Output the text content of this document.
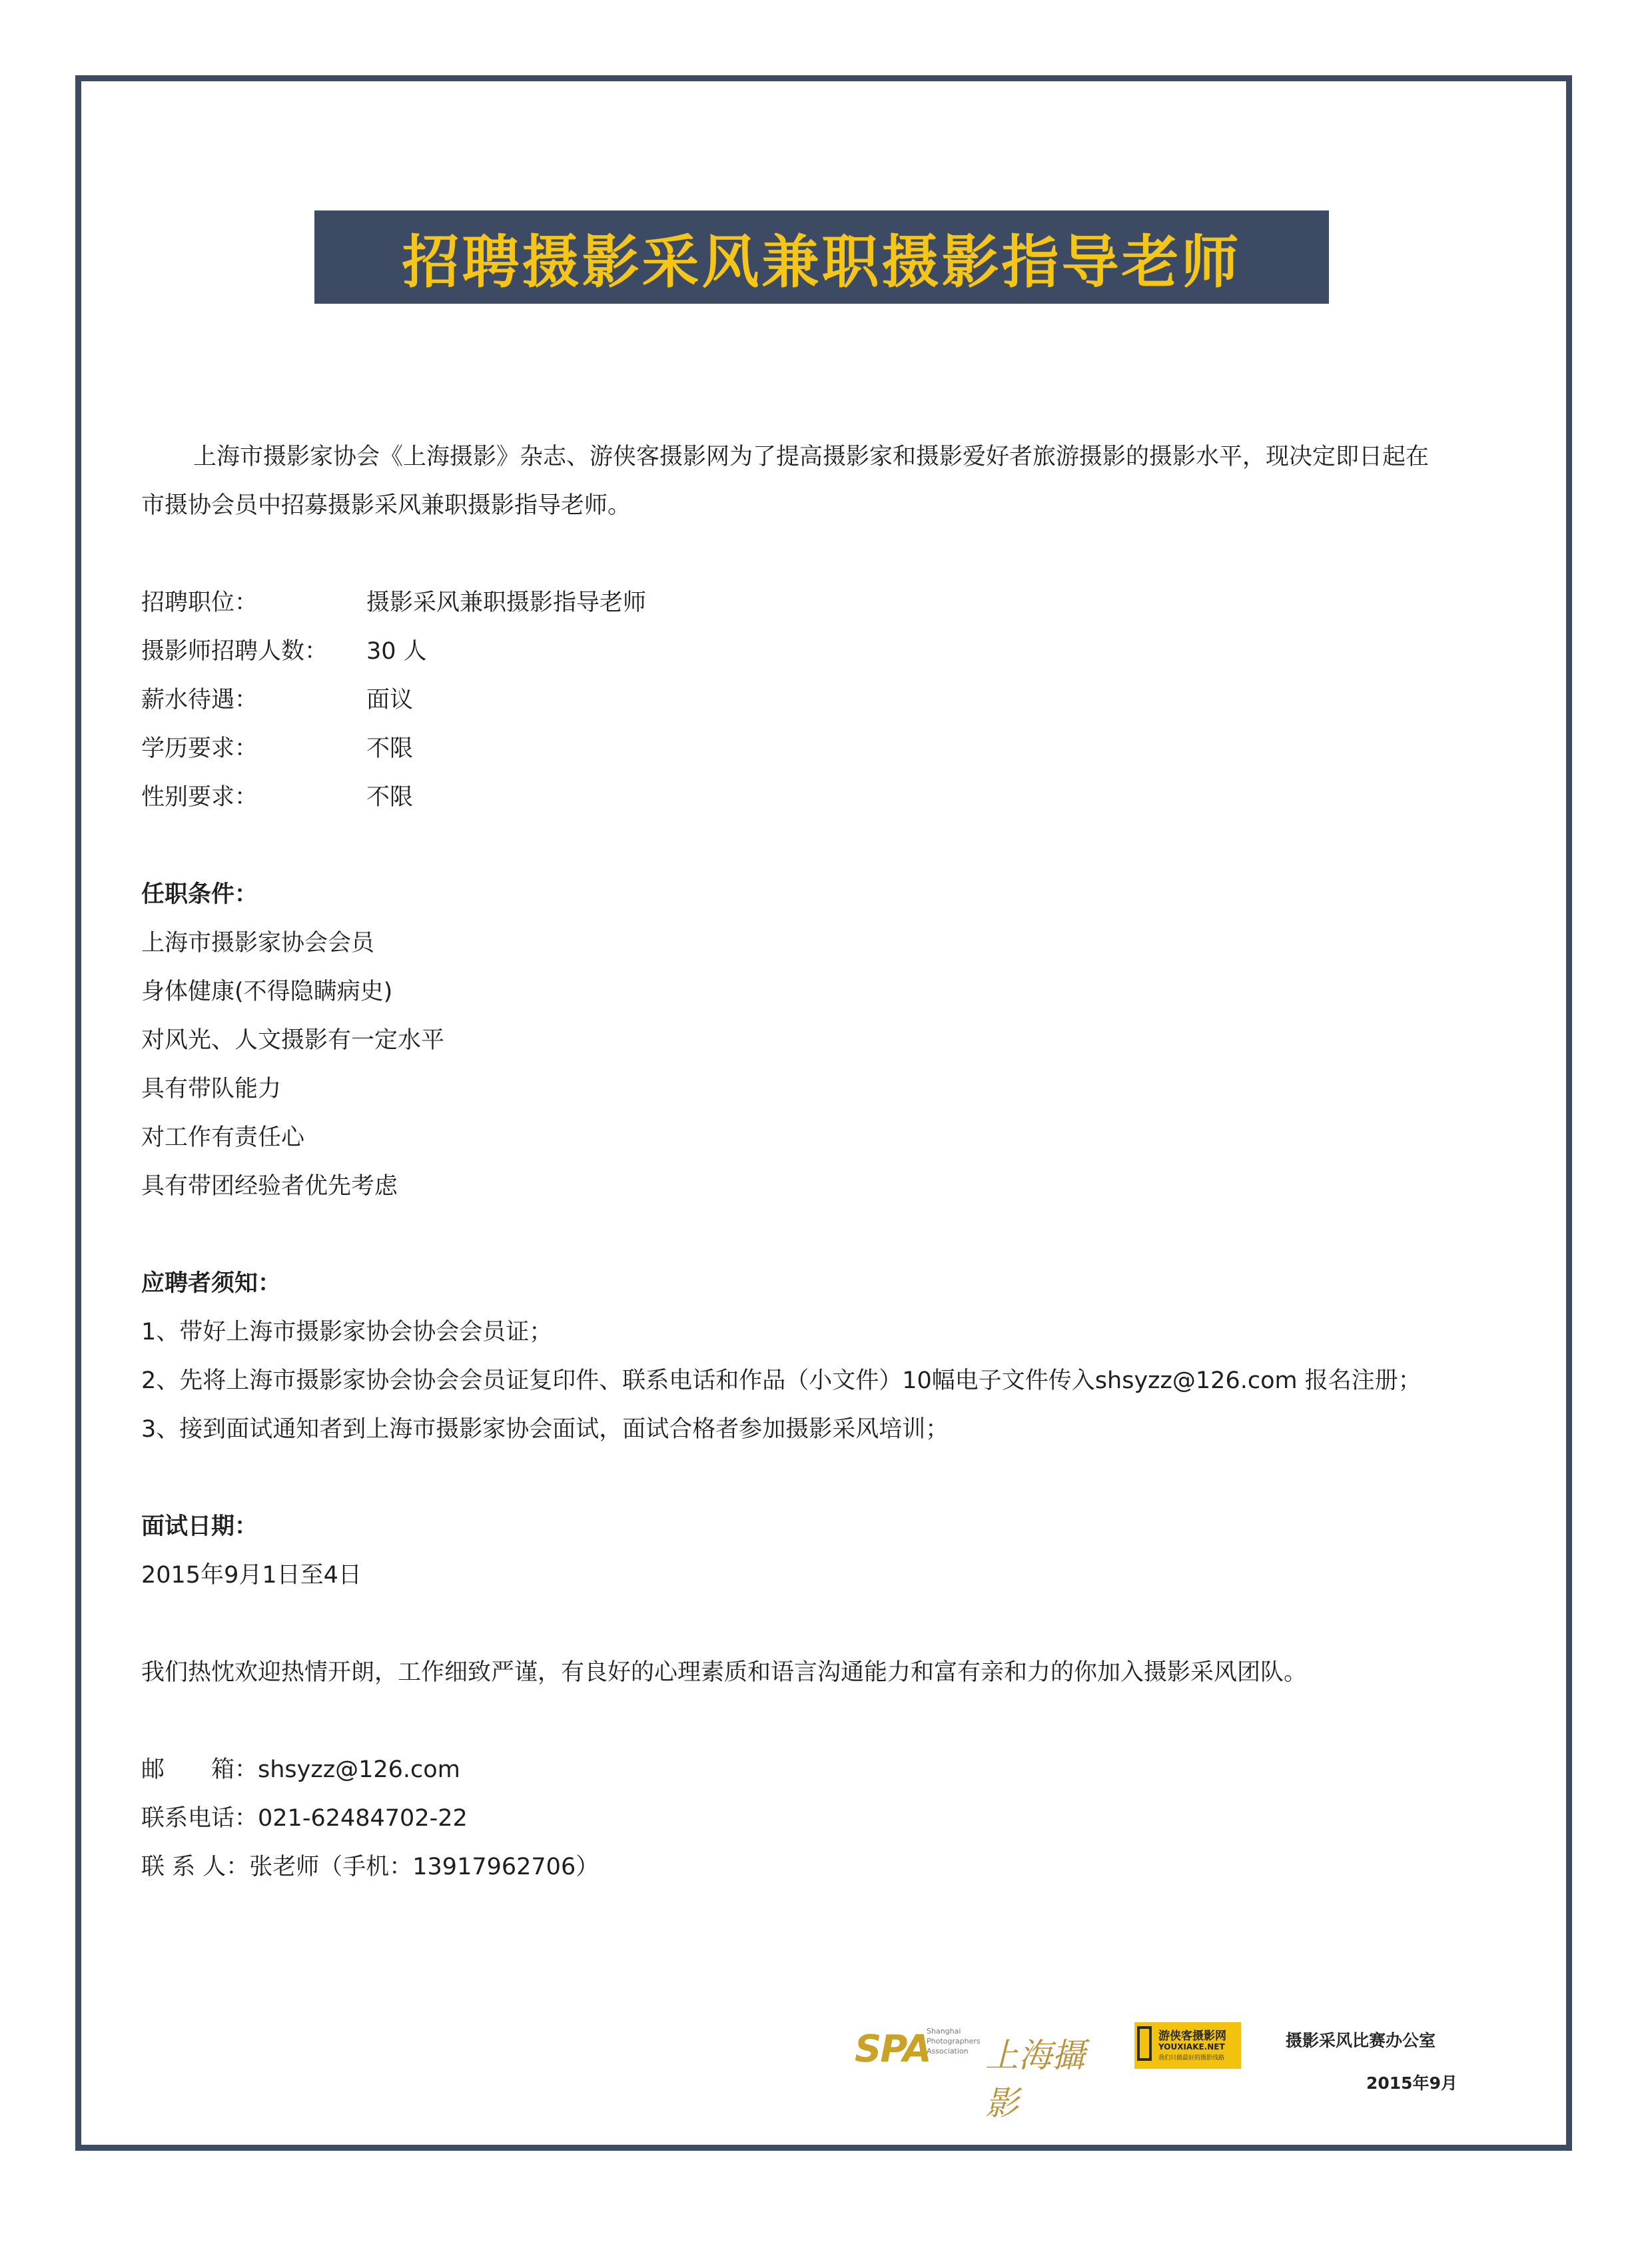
招聘摄影采风兼职摄影指导老师

上海市摄影家协会《上海摄影》杂志、游侠客摄影网为了提高摄影家和摄影爱好者旅游摄影的摄影水平，现决定即日起在

市摄协会员中招募摄影采风兼职摄影指导老师。

招聘职位：	摄影采风兼职摄影指导老师
摄影师招聘人数：	30 人
薪水待遇：	面议
学历要求：	不限
性别要求：	不限
任职条件：
上海市摄影家协会会员
身体健康(不得隐瞒病史)
对风光、人文摄影有一定水平
具有带队能力
对工作有责任心
具有带团经验者优先考虑
应聘者须知：
1、带好上海市摄影家协会协会会员证；
2、先将上海市摄影家协会协会会员证复印件、联系电话和作品（小文件）10幅电子文件传入shsyzz@126.com 报名注册；
3、接到面试通知者到上海市摄影家协会面试，面试合格者参加摄影采风培训；
面试日期：
2015年9月1日至4日
我们热忱欢迎热情开朗，工作细致严谨，有良好的心理素质和语言沟通能力和富有亲和力的你加入摄影采风团队。
邮　　箱： shsyzz@126.com
联系电话： 021-62484702-22
联 系 人： 张老师（手机：13917962706）
SPA
Shanghai
Photographers
Association 上海攝影
游侠客摄影网
YOUXIAKE.NET
我们只做最好的摄影线路
摄影采风比赛办公室
2015年9月
